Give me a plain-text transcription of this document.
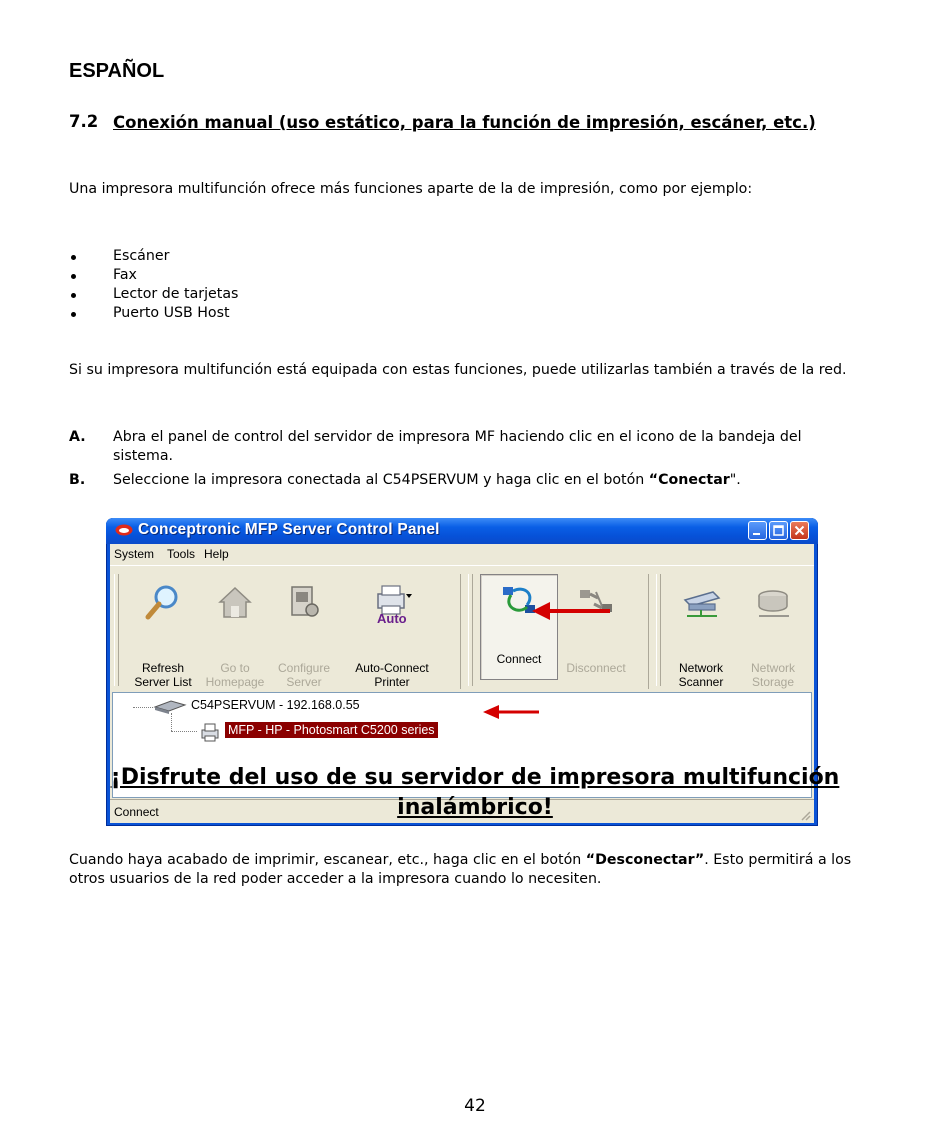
ESPAÑOL
7.2 Conexión manual (uso estático, para la función de impresión, escáner, etc.)
Una impresora multifunción ofrece más funciones aparte de la de impresión, como por ejemplo:
Escáner
Fax
Lector de tarjetas
Puerto USB Host
Si su impresora multifunción está equipada con estas funciones, puede utilizarlas también a través de la red.
A. Abra el panel de control del servidor de impresora MF haciendo clic en el icono de la bandeja del sistema.
B. Seleccione la impresora conectada al C54PSERVUM y haga clic en el botón “Conectar".
Conceptronic MFP Server Control Panel
System Tools Help
Refresh
Server List
Go to
Homepage
Configure
Server
Auto
Auto-Connect
Printer
Connect
Disconnect	Network
Scanner
Network
Storage
C54PSERVUM - 192.168.0.55
MFP - HP - Photosmart C5200 series
Connect
Cuando haya acabado de imprimir, escanear, etc., haga clic en el botón “Desconectar”. Esto permitirá a los otros usuarios de la red poder acceder a la impresora cuando lo necesiten.
¡Disfrute del uso de su servidor de impresora multifunción inalámbrico!
42
